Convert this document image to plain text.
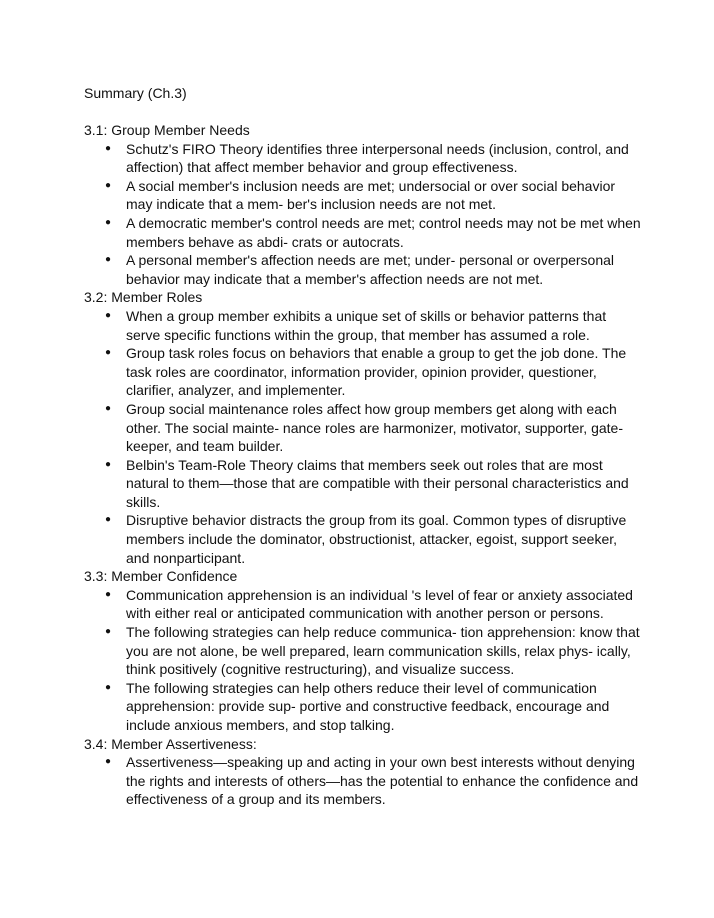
Summary (Ch.3)
3.1: Group Member Needs
● Schutz's FIRO Theory identifies three interpersonal needs (inclusion, control, and affection) that affect member behavior and group effectiveness.
● A social member's inclusion needs are met; undersocial or over social behavior may indicate that a mem- ber's inclusion needs are not met.
● A democratic member's control needs are met; control needs may not be met when members behave as abdi- crats or autocrats.
● A personal member's affection needs are met; under- personal or overpersonal behavior may indicate that a member's affection needs are not met.
3.2: Member Roles
● When a group member exhibits a unique set of skills or behavior patterns that serve specific functions within the group, that member has assumed a role.
● Group task roles focus on behaviors that enable a group to get the job done. The task roles are coordinator, information provider, opinion provider, questioner, clarifier, analyzer, and implementer.
● Group social maintenance roles affect how group members get along with each other. The social mainte- nance roles are harmonizer, motivator, supporter, gate- keeper, and team builder.
● Belbin's Team-Role Theory claims that members seek out roles that are most natural to them—those that are compatible with their personal characteristics and skills.
● Disruptive behavior distracts the group from its goal. Common types of disruptive members include the dominator, obstructionist, attacker, egoist, support seeker, and nonparticipant.
3.3: Member Confidence
● Communication apprehension is an individual 's level of fear or anxiety associated with either real or anticipated communication with another person or persons.
● The following strategies can help reduce communica- tion apprehension: know that you are not alone, be well prepared, learn communication skills, relax phys- ically, think positively (cognitive restructuring), and visualize success.
● The following strategies can help others reduce their level of communication apprehension: provide sup- portive and constructive feedback, encourage and include anxious members, and stop talking.
3.4: Member Assertiveness:
● Assertiveness—speaking up and acting in your own best interests without denying the rights and interests of others—has the potential to enhance the confidence and effectiveness of a group and its members.
